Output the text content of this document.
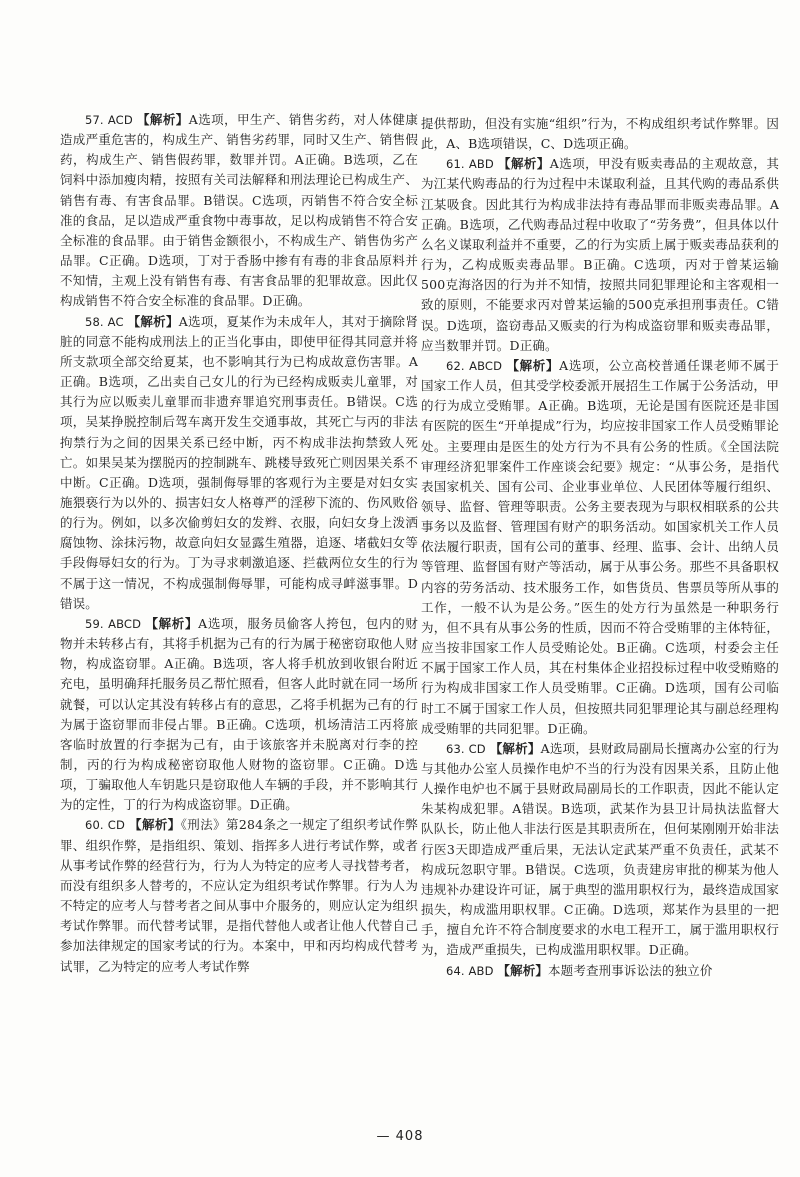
57. ACD 【解析】A选项，甲生产、销售劣药，对人体健康造成严重危害的，构成生产、销售劣药罪，同时又生产、销售假药，构成生产、销售假药罪，数罪并罚。A正确。B选项，乙在饲料中添加瘦肉精，按照有关司法解释和刑法理论已构成生产、销售有毒、有害食品罪。B错误。C选项，丙销售不符合安全标准的食品，足以造成严重食物中毒事故，足以构成销售不符合安全标准的食品罪。由于销售金额很小，不构成生产、销售伪劣产品罪。C正确。D选项，丁对于香肠中掺有有毒的非食品原料并不知情，主观上没有销售有毒、有害食品罪的犯罪故意。因此仅构成销售不符合安全标准的食品罪。D正确。

58. AC 【解析】A选项，夏某作为未成年人，其对于摘除肾脏的同意不能构成刑法上的正当化事由，即使甲征得其同意并将所支款项全部交给夏某，也不影响其行为已构成故意伤害罪。A正确。B选项，乙出卖自己女儿的行为已经构成贩卖儿童罪，对其行为应以贩卖儿童罪而非遗弃罪追究刑事责任。B错误。C选项，吴某挣脱控制后驾车离开发生交通事故，其死亡与丙的非法拘禁行为之间的因果关系已经中断，丙不构成非法拘禁致人死亡。如果吴某为摆脱丙的控制跳车、跳楼导致死亡则因果关系不中断。C正确。D选项，强制侮辱罪的客观行为主要是对妇女实施猥亵行为以外的、损害妇女人格尊严的淫秽下流的、伤风败俗的行为。例如，以多次偷剪妇女的发辫、衣服，向妇女身上泼洒腐蚀物、涂抹污物，故意向妇女显露生殖器，追逐、堵截妇女等手段侮辱妇女的行为。丁为寻求刺激追逐、拦截两位女生的行为不属于这一情况，不构成强制侮辱罪，可能构成寻衅滋事罪。D错误。

59. ABCD 【解析】A选项，服务员偷客人挎包，包内的财物并未转移占有，其将手机据为己有的行为属于秘密窃取他人财物，构成盗窃罪。A正确。B选项，客人将手机放到收银台附近充电，虽明确拜托服务员乙帮忙照看，但客人此时就在同一场所就餐，可以认定其没有转移占有的意思，乙将手机据为己有的行为属于盗窃罪而非侵占罪。B正确。C选项，机场清洁工丙将旅客临时放置的行李据为己有，由于该旅客并未脱离对行李的控制，丙的行为构成秘密窃取他人财物的盗窃罪。C正确。D选项，丁骗取他人车钥匙只是窃取他人车辆的手段，并不影响其行为的定性，丁的行为构成盗窃罪。D正确。

60. CD 【解析】《刑法》第284条之一规定了组织考试作弊罪、组织作弊，是指组织、策划、指挥多人进行考试作弊，或者从事考试作弊的经营行为，行为人为特定的应考人寻找替考者，而没有组织多人替考的，不应认定为组织考试作弊罪。行为人为不特定的应考人与替考者之间从事中介服务的，则应认定为组织考试作弊罪。而代替考试罪，是指代替他人或者让他人代替自己参加法律规定的国家考试的行为。本案中，甲和丙均构成代替考试罪，乙为特定的应考人考试作弊

提供帮助，但没有实施“组织”行为，不构成组织考试作弊罪。因此，A、B选项错误，C、D选项正确。

61. ABD 【解析】A选项，甲没有贩卖毒品的主观故意，其为江某代购毒品的行为过程中未谋取利益，且其代购的毒品系供江某吸食。因此其行为构成非法持有毒品罪而非贩卖毒品罪。A正确。B选项，乙代购毒品过程中收取了“劳务费”，但具体以什么名义谋取利益并不重要，乙的行为实质上属于贩卖毒品获利的行为，乙构成贩卖毒品罪。B正确。C选项，丙对于曾某运输500克海洛因的行为并不知情，按照共同犯罪理论和主客观相一致的原则，不能要求丙对曾某运输的500克承担刑事责任。C错误。D选项，盗窃毒品又贩卖的行为构成盗窃罪和贩卖毒品罪，应当数罪并罚。D正确。

62. ABCD 【解析】A选项，公立高校普通任课老师不属于国家工作人员，但其受学校委派开展招生工作属于公务活动，甲的行为成立受贿罪。A正确。B选项，无论是国有医院还是非国有医院的医生“开单提成”行为，均应按非国家工作人员受贿罪论处。主要理由是医生的处方行为不具有公务的性质。《全国法院审理经济犯罪案件工作座谈会纪要》规定：“从事公务，是指代表国家机关、国有公司、企业事业单位、人民团体等履行组织、领导、监督、管理等职责。公务主要表现为与职权相联系的公共事务以及监督、管理国有财产的职务活动。如国家机关工作人员依法履行职责，国有公司的董事、经理、监事、会计、出纳人员等管理、监督国有财产等活动，属于从事公务。那些不具备职权内容的劳务活动、技术服务工作，如售货员、售票员等所从事的工作，一般不认为是公务。”医生的处方行为虽然是一种职务行为，但不具有从事公务的性质，因而不符合受贿罪的主体特征，应当按非国家工作人员受贿论处。B正确。C选项，村委会主任不属于国家工作人员，其在村集体企业招投标过程中收受贿赂的行为构成非国家工作人员受贿罪。C正确。D选项，国有公司临时工不属于国家工作人员，但按照共同犯罪理论其与副总经理构成受贿罪的共同犯罪。D正确。

63. CD 【解析】A选项，县财政局副局长擅离办公室的行为与其他办公室人员操作电炉不当的行为没有因果关系，且防止他人操作电炉也不属于县财政局副局长的工作职责，因此不能认定朱某构成犯罪。A错误。B选项，武某作为县卫计局执法监督大队队长，防止他人非法行医是其职责所在，但何某刚刚开始非法行医3天即造成严重后果，无法认定武某严重不负责任，武某不构成玩忽职守罪。B错误。C选项，负责建房审批的柳某为他人违规补办建设许可证，属于典型的滥用职权行为，最终造成国家损失，构成滥用职权罪。C正确。D选项，郑某作为县里的一把手，擅自允许不符合制度要求的水电工程开工，属于滥用职权行为，造成严重损失，已构成滥用职权罪。D正确。

64. ABD 【解析】本题考查刑事诉讼法的独立价

— 408
